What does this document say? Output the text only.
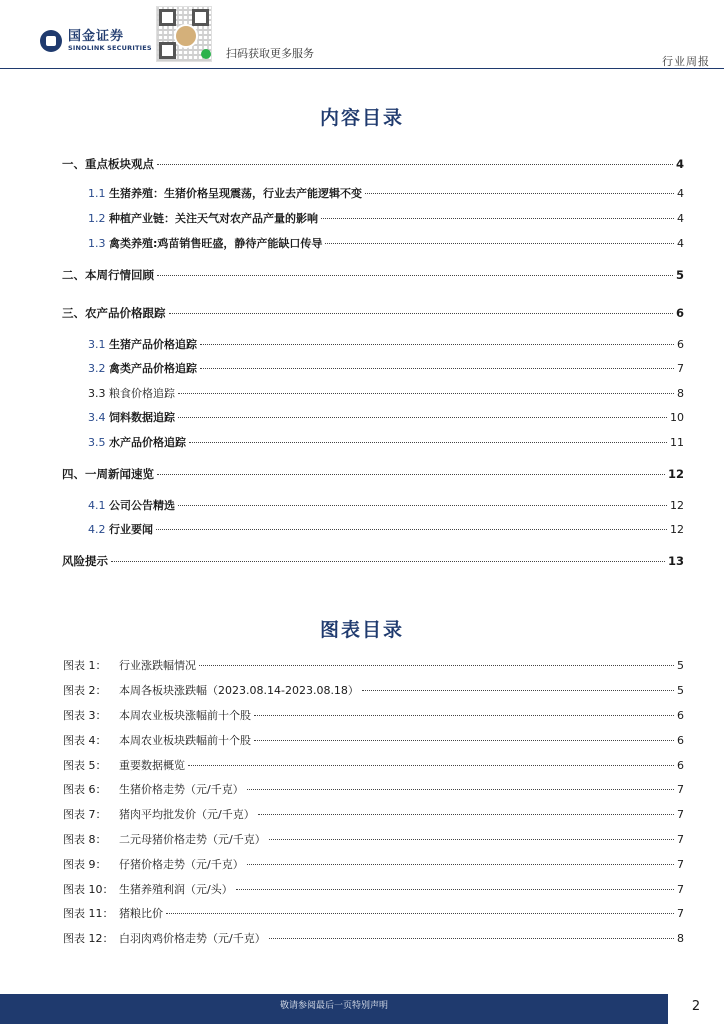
国金证券
SINOLINK SECURITIES	扫码获取更多服务
行业周报
内容目录
一、重点板块观点	4
1.1 生猪养殖：生猪价格呈现震荡，行业去产能逻辑不变	4
1.2 种植产业链：关注天气对农产品产量的影响	4
1.3 禽类养殖:鸡苗销售旺盛，静待产能缺口传导	4
二、本周行情回顾	5
三、农产品价格跟踪	6
3.1 生猪产品价格追踪	6
3.2 禽类产品价格追踪	7
3.3 粮食价格追踪	8
3.4 饲料数据追踪	10
3.5 水产品价格追踪	11
四、一周新闻速览	12
4.1 公司公告精选	12
4.2 行业要闻	12
风险提示	13
图表目录
图表 1： 行业涨跌幅情况	5
图表 2： 本周各板块涨跌幅（2023.08.14-2023.08.18）	5
图表 3： 本周农业板块涨幅前十个股	6
图表 4： 本周农业板块跌幅前十个股	6
图表 5： 重要数据概览	6
图表 6： 生猪价格走势（元/千克）	7
图表 7： 猪肉平均批发价（元/千克）	7
图表 8： 二元母猪价格走势（元/千克）	7
图表 9： 仔猪价格走势（元/千克）	7
图表 10： 生猪养殖利润（元/头）	7
图表 11： 猪粮比价	7
图表 12： 白羽肉鸡价格走势（元/千克）	8
敬请参阅最后一页特别声明	2
